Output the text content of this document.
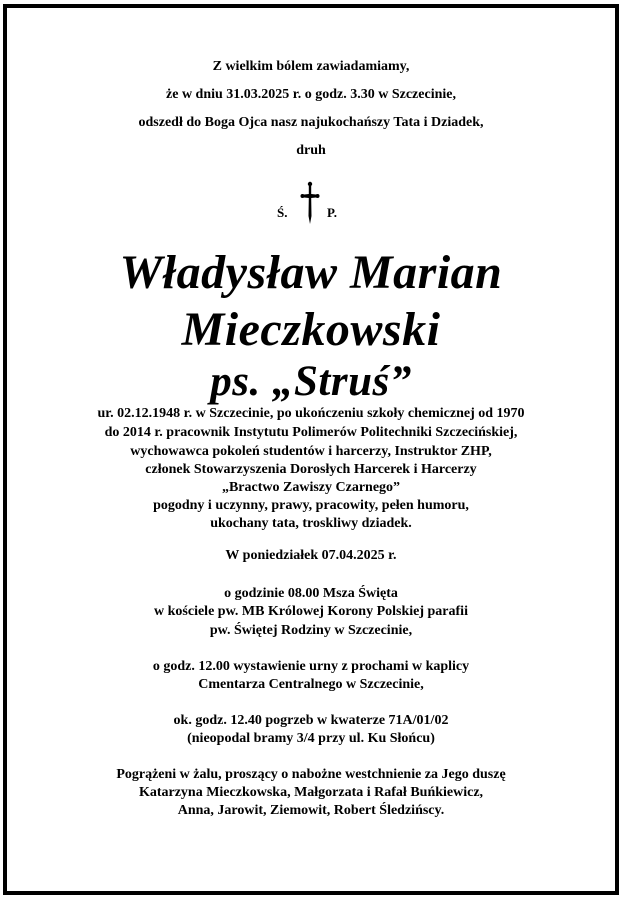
Z wielkim bólem zawiadamiamy,
że w dniu 31.03.2025 r. o godz. 3.30 w Szczecinie,
odszedł do Boga Ojca nasz najukochańszy Tata i Dziadek,
druh
Ś.	P.
Władysław Marian
Mieczkowski
ps. „Struś”
ur. 02.12.1948 r. w Szczecinie, po ukończeniu szkoły chemicznej od 1970
do 2014 r. pracownik Instytutu Polimerów Politechniki Szczecińskiej,
wychowawca pokoleń studentów i harcerzy, Instruktor ZHP,
członek Stowarzyszenia Dorosłych Harcerek i Harcerzy
„Bractwo Zawiszy Czarnego”
pogodny i uczynny, prawy, pracowity, pełen humoru,
ukochany tata, troskliwy dziadek.
W poniedziałek 07.04.2025 r.
o godzinie 08.00 Msza Święta
w kościele pw. MB Królowej Korony Polskiej parafii
pw. Świętej Rodziny w Szczecinie,
o godz. 12.00 wystawienie urny z prochami w kaplicy
Cmentarza Centralnego w Szczecinie,
ok. godz. 12.40 pogrzeb w kwaterze 71A/01/02
(nieopodal bramy 3/4 przy ul. Ku Słońcu)
Pogrążeni w żalu, proszący o nabożne westchnienie za Jego duszę
Katarzyna Mieczkowska, Małgorzata i Rafał Buńkiewicz,
Anna, Jarowit, Ziemowit, Robert Śledzińscy.
